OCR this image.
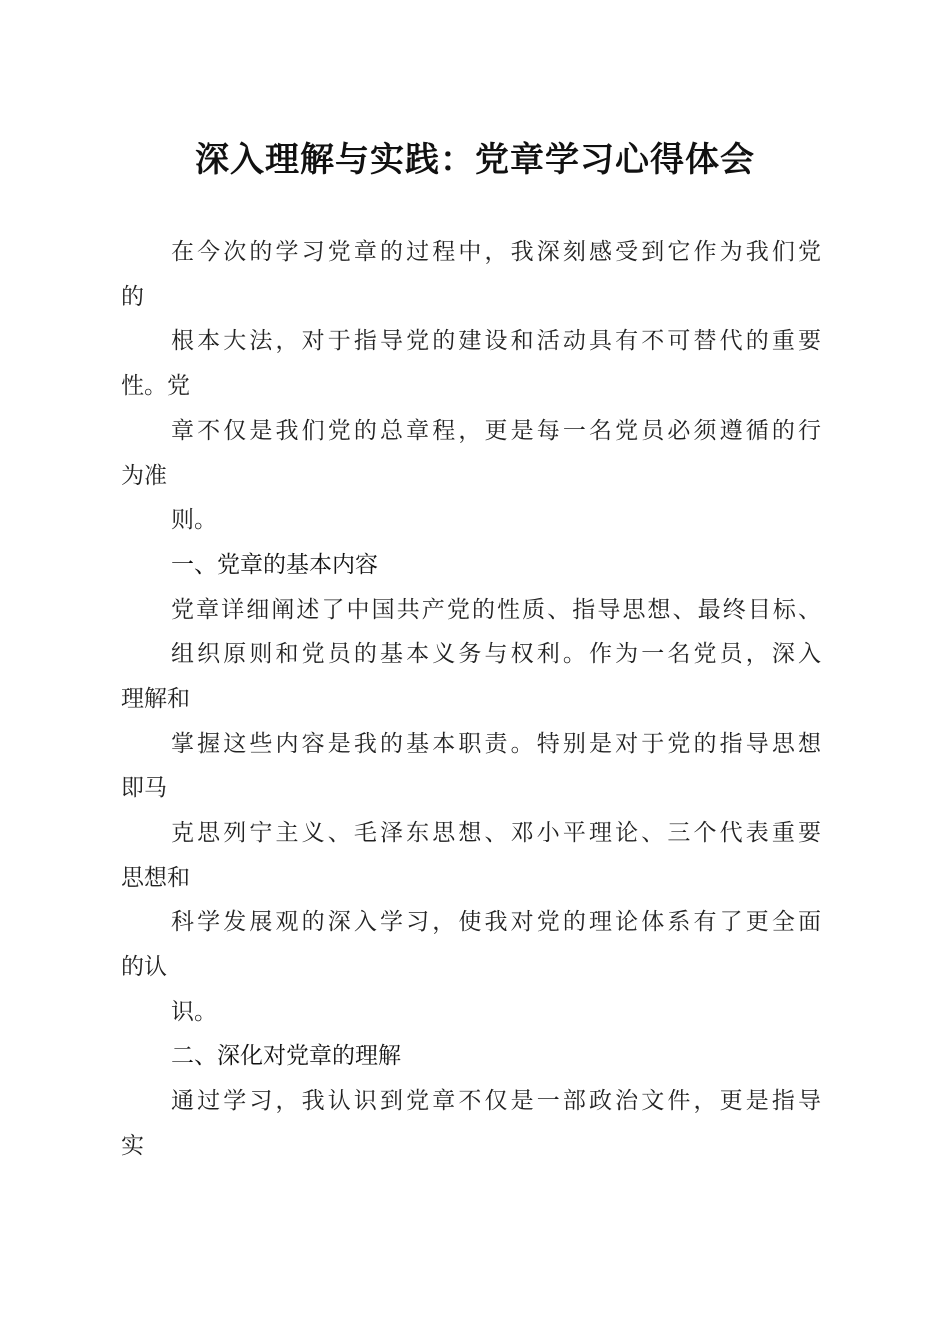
深入理解与实践：党章学习心得体会
在今次的学习党章的过程中，我深刻感受到它作为我们党
的
根本大法，对于指导党的建设和活动具有不可替代的重要
性。党
章不仅是我们党的总章程，更是每一名党员必须遵循的行
为准
则。
一、党章的基本内容
党章详细阐述了中国共产党的性质、指导思想、最终目标、
组织原则和党员的基本义务与权利。作为一名党员，深入
理解和
掌握这些内容是我的基本职责。特别是对于党的指导思想
即马
克思列宁主义、毛泽东思想、邓小平理论、三个代表重要
思想和
科学发展观的深入学习，使我对党的理论体系有了更全面
的认
识。
二、深化对党章的理解
通过学习，我认识到党章不仅是一部政治文件，更是指导
实
